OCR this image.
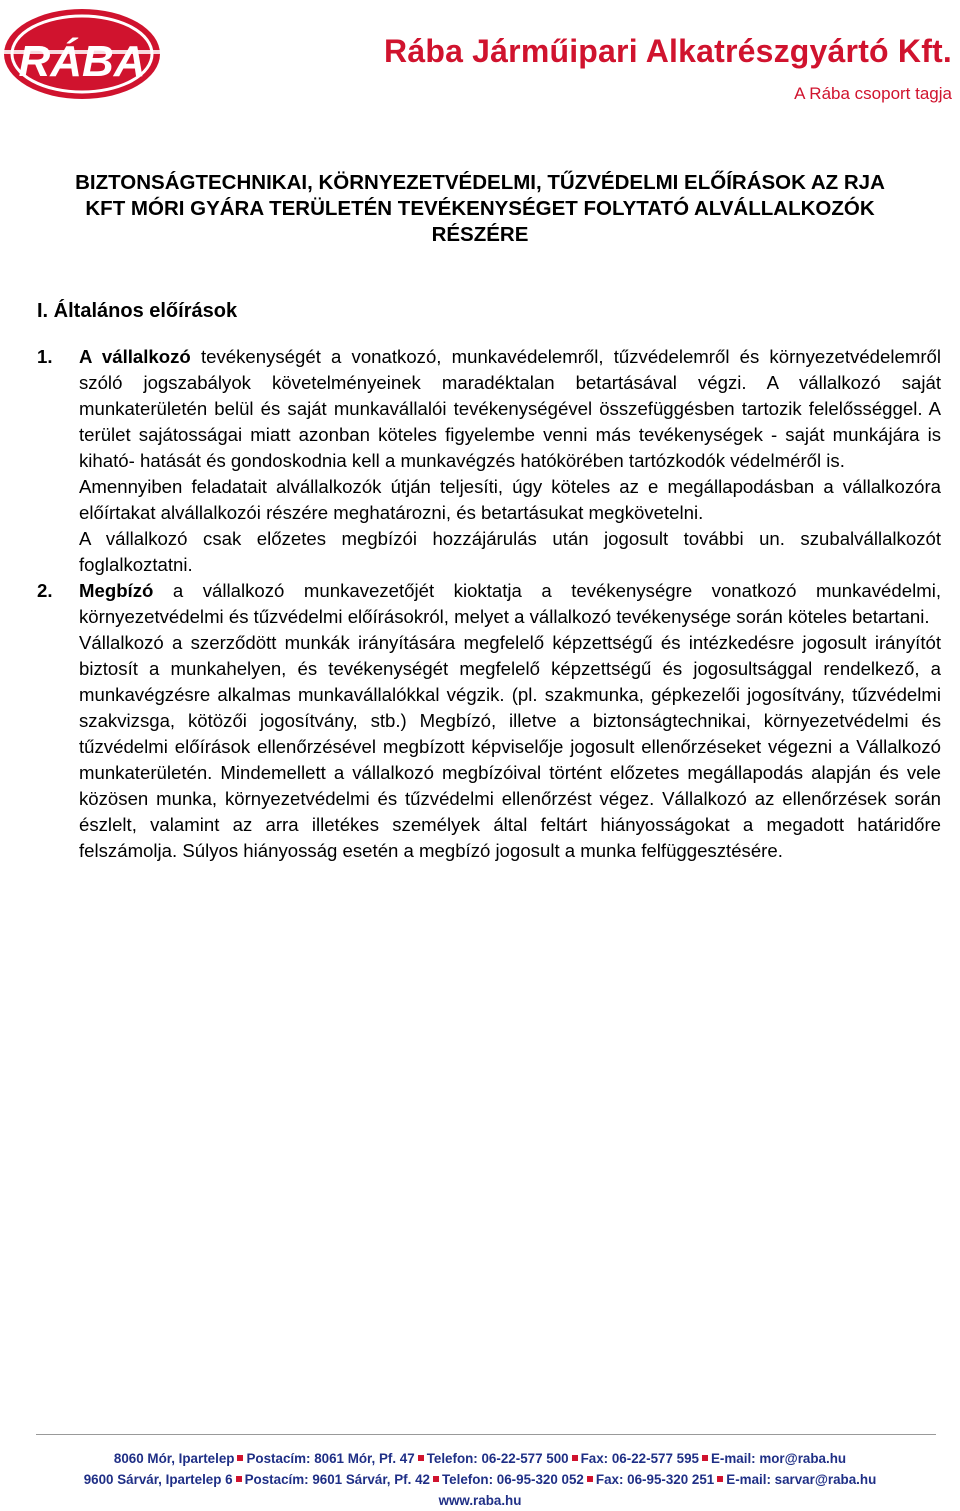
RÁBA	Rába Járműipari Alkatrészgyártó Kft.
A Rába csoport tagja
BIZTONSÁGTECHNIKAI, KÖRNYEZETVÉDELMI, TŰZVÉDELMI ELŐÍRÁSOK AZ RJA
KFT MÓRI GYÁRA TERÜLETÉN TEVÉKENYSÉGET FOLYTATÓ ALVÁLLALKOZÓK
RÉSZÉRE
I. Általános előírások
1.	A vállalkozó tevékenységét a vonatkozó, munkavédelemről, tűzvédelemről és környezetvédelemről szóló jogszabályok követelményeinek maradéktalan betartásával végzi. A vállalkozó saját munkaterületén belül és saját munkavállalói tevékenységével összefüggésben tartozik felelősséggel. A terület sajátosságai miatt azonban köteles figyelembe venni más tevékenységek - saját munkájára is kiható- hatását és gondoskodnia kell a munkavégzés hatókörében tartózkodók védelméről is.

Amennyiben feladatait alvállalkozók útján teljesíti, úgy köteles az e megállapodásban a vállalkozóra előírtakat alvállalkozói részére meghatározni, és betartásukat megkövetelni.

A vállalkozó csak előzetes megbízói hozzájárulás után jogosult további un. szubalvállalkozót foglalkoztatni.

2.	Megbízó a vállalkozó munkavezetőjét kioktatja a tevékenységre vonatkozó munkavédelmi, környezetvédelmi és tűzvédelmi előírásokról, melyet a vállalkozó tevékenysége során köteles betartani.

Vállalkozó a szerződött munkák irányítására megfelelő képzettségű és intézkedésre jogosult irányítót biztosít a munkahelyen, és tevékenységét megfelelő képzettségű és jogosultsággal rendelkező, a munkavégzésre alkalmas munkavállalókkal végzik. (pl. szakmunka, gépkezelői jogosítvány, tűzvédelmi szakvizsga, kötözői jogosítvány, stb.) Megbízó, illetve a biztonságtechnikai, környezetvédelmi és tűzvédelmi előírások ellenőrzésével megbízott képviselője jogosult ellenőrzéseket végezni a Vállalkozó munkaterületén. Mindemellett a vállalkozó megbízóival történt előzetes megállapodás alapján és vele közösen munka, környezetvédelmi és tűzvédelmi ellenőrzést végez. Vállalkozó az ellenőrzések során észlelt, valamint az arra illetékes személyek által feltárt hiányosságokat a megadott határidőre felszámolja. Súlyos hiányosság esetén a megbízó jogosult a munka felfüggesztésére.

8060 Mór, Ipartelep Postacím: 8061 Mór, Pf. 47 Telefon: 06-22-577 500 Fax: 06-22-577 595 E-mail: mor@raba.hu
9600 Sárvár, Ipartelep 6 Postacím: 9601 Sárvár, Pf. 42 Telefon: 06-95-320 052 Fax: 06-95-320 251 E-mail: sarvar@raba.hu
www.raba.hu
